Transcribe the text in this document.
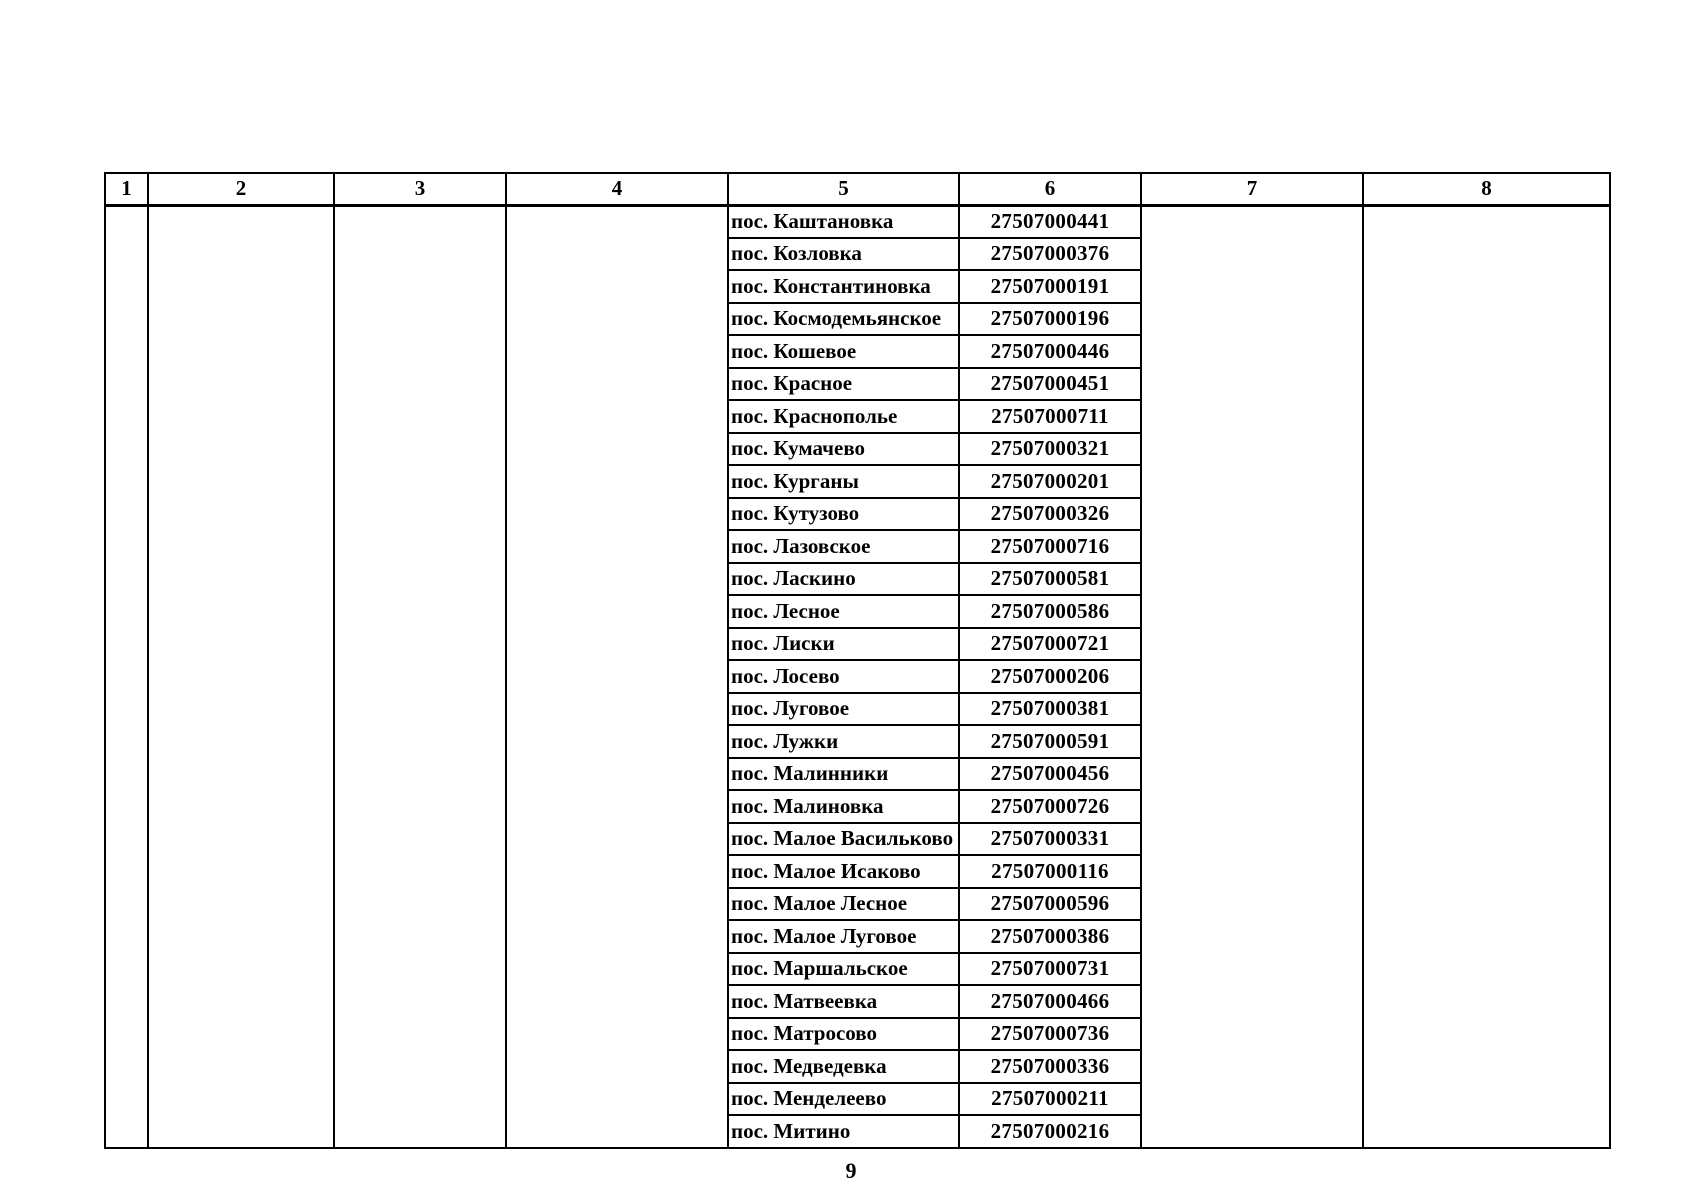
1	2	3	4	5	6	7	8
				пос. Каштановка	27507000441		
				пос. Козловка	27507000376		
				пос. Константиновка	27507000191		
				пос. Космодемьянское	27507000196		
				пос. Кошевое	27507000446		
				пос. Красное	27507000451		
				пос. Краснополье	27507000711		
				пос. Кумачево	27507000321		
				пос. Курганы	27507000201		
				пос. Кутузово	27507000326		
				пос. Лазовское	27507000716		
				пос. Ласкино	27507000581		
				пос. Лесное	27507000586		
				пос. Лиски	27507000721		
				пос. Лосево	27507000206		
				пос. Луговое	27507000381		
				пос. Лужки	27507000591		
				пос. Малинники	27507000456		
				пос. Малиновка	27507000726		
				пос. Малое Васильково	27507000331		
				пос. Малое Исаково	27507000116		
				пос. Малое Лесное	27507000596		
				пос. Малое Луговое	27507000386		
				пос. Маршальское	27507000731		
				пос. Матвеевка	27507000466		
				пос. Матросово	27507000736		
				пос. Медведевка	27507000336		
				пос. Менделеево	27507000211		
				пос. Митино	27507000216		
9
